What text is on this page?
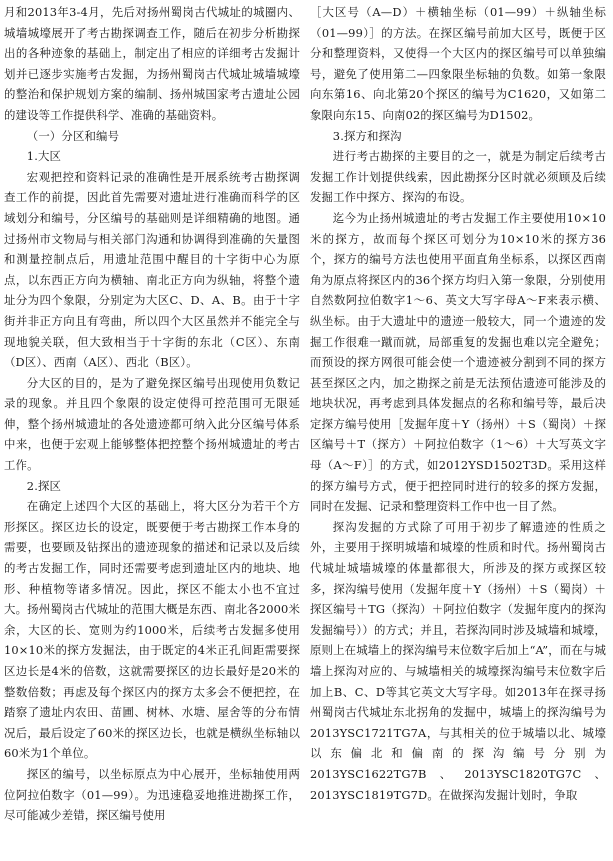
月和2013年3-4月，先后对扬州蜀岗古代城址的城圈内、城墙城壕展开了考古勘探调查工作，随后在初步分析勘探出的各种迹象的基础上，制定出了相应的详细考古发掘计划并已逐步实施考古发掘，为扬州蜀岗古代城址城墙城壕的整治和保护规划方案的编制、扬州城国家考古遗址公园的建设等工作提供科学、准确的基础资料。

（一）分区和编号

1.大区

宏观把控和资料记录的准确性是开展系统考古勘探调查工作的前提，因此首先需要对遗址进行准确而科学的区域划分和编号，分区编号的基础则是详细精确的地图。通过扬州市文物局与相关部门沟通和协调得到准确的矢量图和测量控制点后，用遗址范围中醒目的十字街中心为原点，以东西正方向为横轴、南北正方向为纵轴，将整个遗址分为四个象限，分别定为大区C、D、A、B。由于十字街并非正方向且有弯曲，所以四个大区虽然并不能完全与现地貌关联，但大致相当于十字街的东北（C区）、东南（D区）、西南（A区）、西北（B区）。

分大区的目的，是为了避免探区编号出现使用负数记录的现象。并且四个象限的设定使得可控范围可无限延伸，整个扬州城遗址的各处遗迹都可纳入此分区编号体系中来，也便于宏观上能够整体把控整个扬州城遗址的考古工作。

2.探区

在确定上述四个大区的基础上，将大区分为若干个方形探区。探区边长的设定，既要便于考古勘探工作本身的需要，也要顾及钻探出的遗迹现象的描述和记录以及后续的考古发掘工作，同时还需要考虑到遗址区内的地块、地形、种植物等诸多情况。因此，探区不能太小也不宜过大。扬州蜀岗古代城址的范围大概是东西、南北各2000米余，大区的长、宽则为约1000米，后续考古发掘多使用10×10米的探方发掘法，由于既定的4米正孔间距需要探区边长是4米的倍数，这就需要探区的边长最好是20米的整数倍数；再虑及每个探区内的探方太多会不便把控，在踏察了遗址内农田、苗圃、树林、水塘、屋舍等的分布情况后，最后设定了60米的探区边长，也就是横纵坐标轴以60米为1个单位。

探区的编号，以坐标原点为中心展开，坐标轴使用两位阿拉伯数字（01—99）。为迅速稳妥地推进勘探工作，尽可能减少差错，探区编号使用

［大区号（A—D）＋横轴坐标（01—99）＋纵轴坐标（01—99）］的方法。在探区编号前加大区号，既便于区分和整理资料，又使得一个大区内的探区编号可以单独编号，避免了使用第二—四象限坐标轴的负数。如第一象限向东第16、向北第20个探区的编号为C1620，又如第二象限向东15、向南02的探区编号为D1502。

3.探方和探沟

进行考古勘探的主要目的之一，就是为制定后续考古发掘工作计划提供线索，因此勘探分区时就必须顾及后续发掘工作中探方、探沟的布设。

迄今为止扬州城遗址的考古发掘工作主要使用10×10米的探方，故而每个探区可划分为10×10米的探方36个，探方的编号方法也使用平面直角坐标系，以探区西南角为原点将探区内的36个探方均归入第一象限，分别使用自然数阿拉伯数字1～6、英文大写字母A～F来表示横、纵坐标。由于大遗址中的遗迹一般较大，同一个遗迹的发掘工作很难一蹴而就，局部重复的发掘也难以完全避免；而预设的探方网很可能会使一个遗迹被分割到不同的探方甚至探区之内，加之勘探之前是无法预估遗迹可能涉及的地块状况，再考虑到具体发掘点的名称和编号等，最后决定探方编号使用［发掘年度＋Y（扬州）＋S（蜀岗）＋探区编号＋T（探方）＋阿拉伯数字（1～6）＋大写英文字母（A～F）］的方式，如2012YSD1502T3D。采用这样的探方编号方式，便于把控同时进行的较多的探方发掘，同时在发掘、记录和整理资料工作中也一目了然。

探沟发掘的方式除了可用于初步了解遗迹的性质之外，主要用于探明城墙和城壕的性质和时代。扬州蜀岗古代城址城墙城壕的体量都很大，所涉及的探方或探区较多，探沟编号使用（发掘年度＋Y（扬州）＋S（蜀岗）＋探区编号＋TG（探沟）＋阿拉伯数字（发掘年度内的探沟发掘编号））的方式；并且，若探沟同时涉及城墙和城壕，原则上在城墙上的探沟编号末位数字后加上“A”，而在与城墙上探沟对应的、与城墙相关的城壕探沟编号末位数字后加上B、C、D等其它英文大写字母。如2013年在探寻扬州蜀岗古代城址东北拐角的发掘中，城墙上的探沟编号为2013YSC1721TG7A，与其相关的位于城墙以北、城壕以东偏北和偏南的探沟编号分别为2013YSC1622TG7B、2013YSC1820TG7C、2013YSC1819TG7D。在做探沟发掘计划时，争取
